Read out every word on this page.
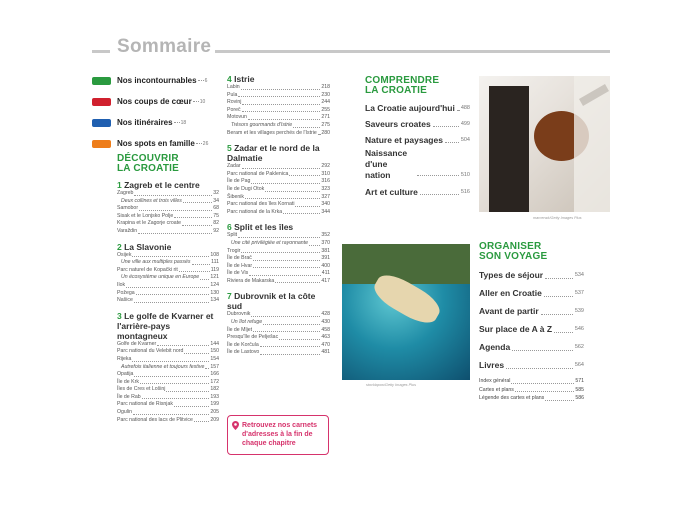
Sommaire
Nos incontournables 6
Nos coups de cœur 10
Nos itinéraires 18
Nos spots en famille 26
DÉCOUVRIR
LA CROATIE
1 Zagreb et le centre
Zagreb	32
Deux collines et trois villes	34
Samobor	68
Sisak et le Lonjsko Polje	75
Krapina et le Zagorje croate	82
Varaždin	92
2 La Slavonie
Osijek	108
Une ville aux multiples passés	111
Parc naturel de Kopački rit	119
Un écosystème unique en Europe 121
Ilok	124
Požega	130
Našice	134
3 Le golfe de Kvarner et l'arrière-pays montagneux
Golfe de Kvarner	144
Parc national du Velebit nord	150
Rijeka	154
Autrefois italienne et toujours festive 157
Opatija	166
Île de Krk	172
Îles de Cres et Lošinj	182
Île de Rab	193
Parc national de Risnjak	199
Ogulin	205
Parc national des lacs de Plitvice	209
4 Istrie
Labin	218
Pula	230
Rovinj	244
Poreč	255
Motovun	271
Trésors gourmands d'Istrie	275
Beram et les villages perchés de l'Istrie 280
5 Zadar et le nord de la Dalmatie
Zadar	292
Parc national de Paklenica	310
Île de Pag	316
Île de Dugi Otok	323
Šibenik	327
Parc national des îles Kornati	340
Parc national de la Krka	344
6 Split et les îles
Split	352
Une cité privilégiée et rayonnante	370
Trogir	381
Île de Brač	391
Île de Hvar	400
Île de Vis	411
Riviera de Makarska	417
7 Dubrovnik et la côte sud
Dubrovnik	428
Un îlot refuge	430
Île de Mljet	458
Presqu'île de Pelješac	463
Île de Korčula	470
Île de Lastovo	481
Retrouvez nos carnets d'adresses à la fin de chaque chapitre
COMPRENDRE
LA CROATIE
La Croatie aujourd'hui 488
Saveurs croates	499
Nature et paysages	504
Naissance d'une nation	510
Art et culture	516
marcenzk/Getty Images Plus
stockbpow/Getty Images Plus
ORGANISER
SON VOYAGE
Types de séjour	534
Aller en Croatie	537
Avant de partir	539
Sur place de A à Z	546
Agenda	562
Livres	564
Index général	571
Cartes et plans	585
Légende des cartes et plans	586
